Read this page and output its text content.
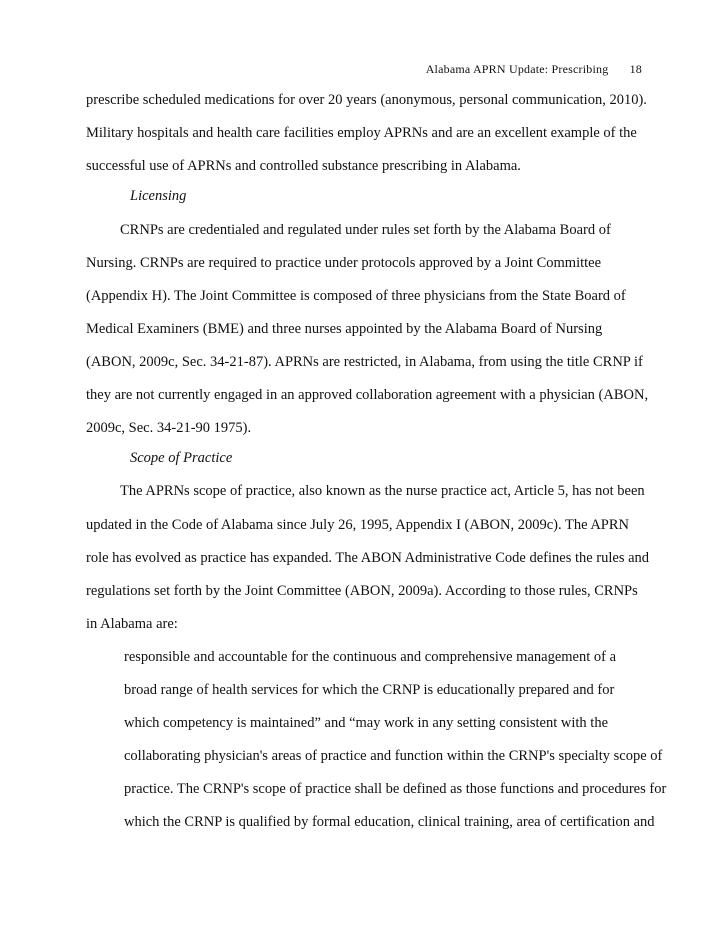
Alabama APRN Update: Prescribing 18
prescribe scheduled medications for over 20 years (anonymous, personal communication, 2010).
Military hospitals and health care facilities employ APRNs and are an excellent example of the
successful use of APRNs and controlled substance prescribing in Alabama.
Licensing
CRNPs are credentialed and regulated under rules set forth by the Alabama Board of
Nursing. CRNPs are required to practice under protocols approved by a Joint Committee
(Appendix H). The Joint Committee is composed of three physicians from the State Board of
Medical Examiners (BME) and three nurses appointed by the Alabama Board of Nursing
(ABON, 2009c, Sec. 34-21-87). APRNs are restricted, in Alabama, from using the title CRNP if
they are not currently engaged in an approved collaboration agreement with a physician (ABON,
2009c, Sec. 34-21-90 1975).
Scope of Practice
The APRNs scope of practice, also known as the nurse practice act, Article 5, has not been
updated in the Code of Alabama since July 26, 1995, Appendix I (ABON, 2009c). The APRN
role has evolved as practice has expanded. The ABON Administrative Code defines the rules and
regulations set forth by the Joint Committee (ABON, 2009a). According to those rules, CRNPs
in Alabama are:
responsible and accountable for the continuous and comprehensive management of a
broad range of health services for which the CRNP is educationally prepared and for
which competency is maintained” and “may work in any setting consistent with the
collaborating physician's areas of practice and function within the CRNP's specialty scope of
practice. The CRNP's scope of practice shall be defined as those functions and procedures for
which the CRNP is qualified by formal education, clinical training, area of certification and
